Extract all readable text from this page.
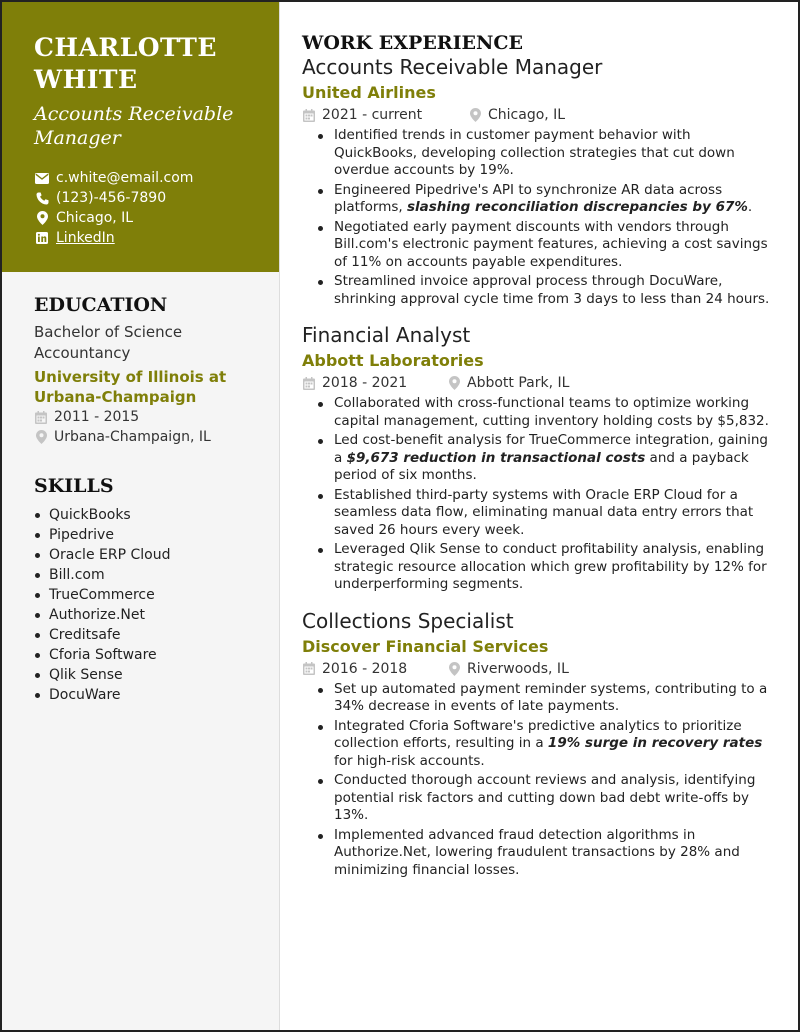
CHARLOTTE
WHITE
Accounts Receivable Manager
c.white@email.com
(123)-456-7890
Chicago, IL
LinkedIn
EDUCATION
Bachelor of Science Accountancy
University of Illinois at Urbana-Champaign
2011 - 2015
Urbana-Champaign, IL
SKILLS
QuickBooks
Pipedrive
Oracle ERP Cloud
Bill.com
TrueCommerce
Authorize.Net
Creditsafe
Cforia Software
Qlik Sense
DocuWare
WORK EXPERIENCE
Accounts Receivable Manager
United Airlines
2021 - current	Chicago, IL
Identified trends in customer payment behavior with QuickBooks, developing collection strategies that cut down overdue accounts by 19%.
Engineered Pipedrive's API to synchronize AR data across platforms, slashing reconciliation discrepancies by 67%.
Negotiated early payment discounts with vendors through Bill.com's electronic payment features, achieving a cost savings of 11% on accounts payable expenditures.
Streamlined invoice approval process through DocuWare, shrinking approval cycle time from 3 days to less than 24 hours.
Financial Analyst
Abbott Laboratories
2018 - 2021	Abbott Park, IL
Collaborated with cross-functional teams to optimize working capital management, cutting inventory holding costs by $5,832.
Led cost-benefit analysis for TrueCommerce integration, gaining a $9,673 reduction in transactional costs and a payback period of six months.
Established third-party systems with Oracle ERP Cloud for a seamless data flow, eliminating manual data entry errors that saved 26 hours every week.
Leveraged Qlik Sense to conduct profitability analysis, enabling strategic resource allocation which grew profitability by 12% for underperforming segments.
Collections Specialist
Discover Financial Services
2016 - 2018	Riverwoods, IL
Set up automated payment reminder systems, contributing to a 34% decrease in events of late payments.
Integrated Cforia Software's predictive analytics to prioritize collection efforts, resulting in a 19% surge in recovery rates for high-risk accounts.
Conducted thorough account reviews and analysis, identifying potential risk factors and cutting down bad debt write-offs by 13%.
Implemented advanced fraud detection algorithms in Authorize.Net, lowering fraudulent transactions by 28% and minimizing financial losses.
